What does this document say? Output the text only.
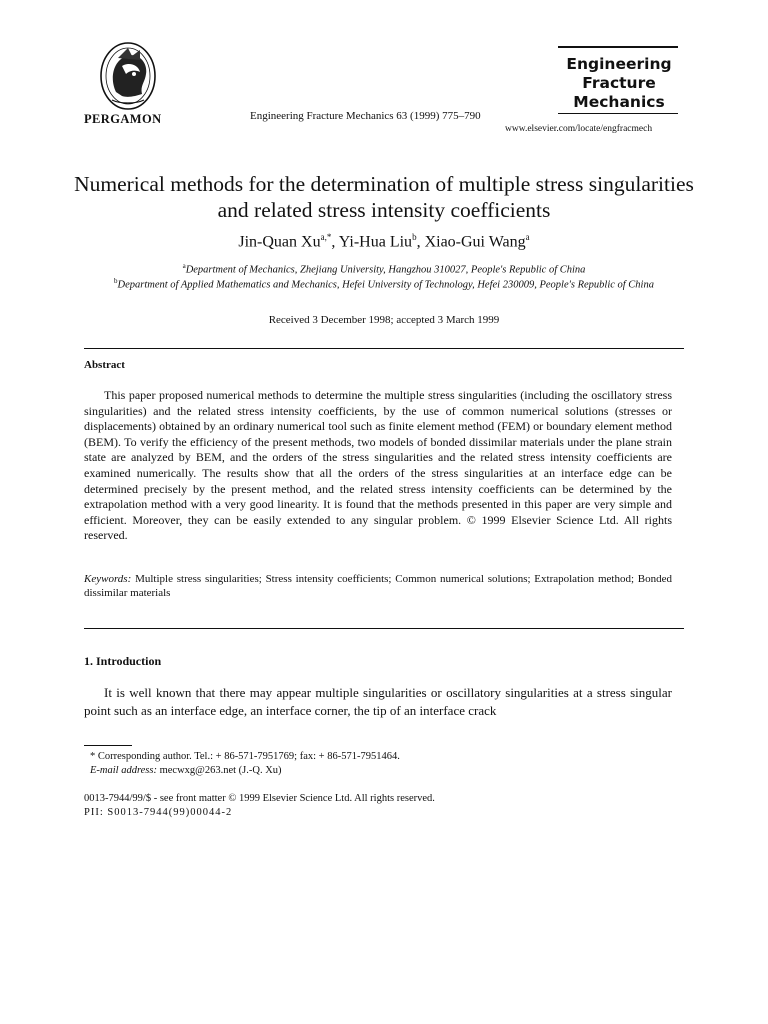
PERGAMON	Engineering Fracture Mechanics 63 (1999) 775–790
Engineering
Fracture
Mechanics
www.elsevier.com/locate/engfracmech
Numerical methods for the determination of multiple stress singularities and related stress intensity coefficients
Jin-Quan $Xu^{a,*}$, Yi-Hua Liu$^b$, Xiao-Gui Wang$^a$
$^a$Department of Mechanics, Zhejiang University, Hangzhou 310027, People's Republic of China
$^b$Department of Applied Mathematics and Mechanics, Hefei University of Technology, Hefei 230009, People's Republic of China
Received 3 December 1998; accepted 3 March 1999
Abstract
This paper proposed numerical methods to determine the multiple stress singularities (including the oscillatory stress singularities) and the related stress intensity coefficients, by the use of common numerical solutions (stresses or displacements) obtained by an ordinary numerical tool such as finite element method (FEM) or boundary element method (BEM). To verify the efficiency of the present methods, two models of bonded dissimilar materials under the plane strain state are analyzed by BEM, and the orders of the stress singularities and the related stress intensity coefficients are examined numerically. The results show that all the orders of the stress singularities at an interface edge can be determined precisely by the present method, and the related stress intensity coefficients can be determined by the extrapolation method with a very good linearity. It is found that the methods presented in this paper are very simple and efficient. Moreover, they can be easily extended to any singular problem. © 1999 Elsevier Science Ltd. All rights reserved.
Keywords: Multiple stress singularities; Stress intensity coefficients; Common numerical solutions; Extrapolation method; Bonded dissimilar materials
1. Introduction
It is well known that there may appear multiple singularities or oscillatory singularities at a stress singular point such as an interface edge, an interface corner, the tip of an interface crack
* Corresponding author. Tel.: + 86-571-7951769; fax: + 86-571-7951464.
E-mail address: mecwxg@263.net (J.-Q. Xu)
0013-7944/99/$ - see front matter © 1999 Elsevier Science Ltd. All rights reserved.
PII: S0013-7944(99)00044-2
